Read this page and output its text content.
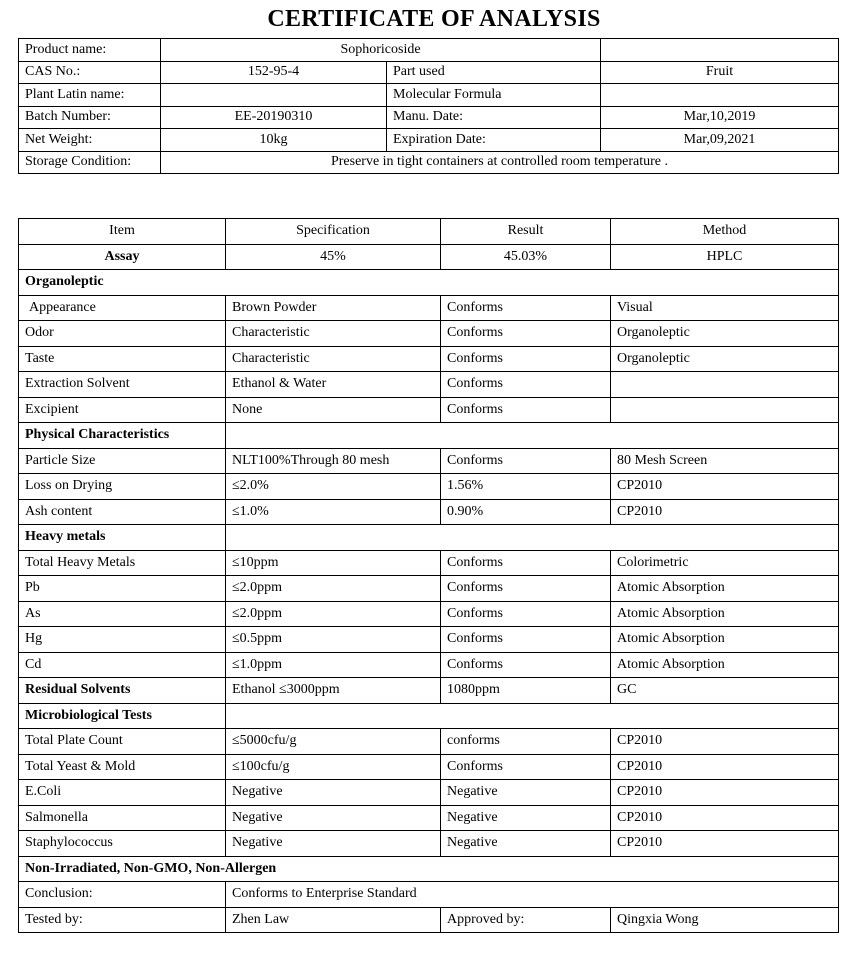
CERTIFICATE OF ANALYSIS
Product name:	Sophoricoside		
CAS No.:	152-95-4	Part used	Fruit
Plant Latin name:		Molecular Formula	
Batch Number:	EE-20190310	Manu. Date:	Mar,10,2019
Net Weight:	10kg	Expiration Date:	Mar,09,2021
Storage Condition:	Preserve in tight containers at controlled room temperature .		
Item	Specification	Result	Method
Assay	45%	45.03%	HPLC
Organoleptic			
Appearance	Brown Powder	Conforms	Visual
Odor	Characteristic	Conforms	Organoleptic
Taste	Characteristic	Conforms	Organoleptic
Extraction Solvent	Ethanol & Water	Conforms	
Excipient	None	Conforms	
Physical Characteristics			
Particle Size	NLT100%Through 80 mesh	Conforms	80 Mesh Screen
Loss on Drying	≤2.0%	1.56%	CP2010
Ash content	≤1.0%	0.90%	CP2010
Heavy metals			
Total Heavy Metals	≤10ppm	Conforms	Colorimetric
Pb	≤2.0ppm	Conforms	Atomic Absorption
As	≤2.0ppm	Conforms	Atomic Absorption
Hg	≤0.5ppm	Conforms	Atomic Absorption
Cd	≤1.0ppm	Conforms	Atomic Absorption
Residual Solvents	Ethanol ≤3000ppm	1080ppm	GC
Microbiological Tests			
Total Plate Count	≤5000cfu/g	conforms	CP2010
Total Yeast & Mold	≤100cfu/g	Conforms	CP2010
E.Coli	Negative	Negative	CP2010
Salmonella	Negative	Negative	CP2010
Staphylococcus	Negative	Negative	CP2010
Non-Irradiated, Non-GMO, Non-Allergen			
Conclusion:	Conforms to Enterprise Standard		
Tested by:	Zhen Law	Approved by:	Qingxia Wong
